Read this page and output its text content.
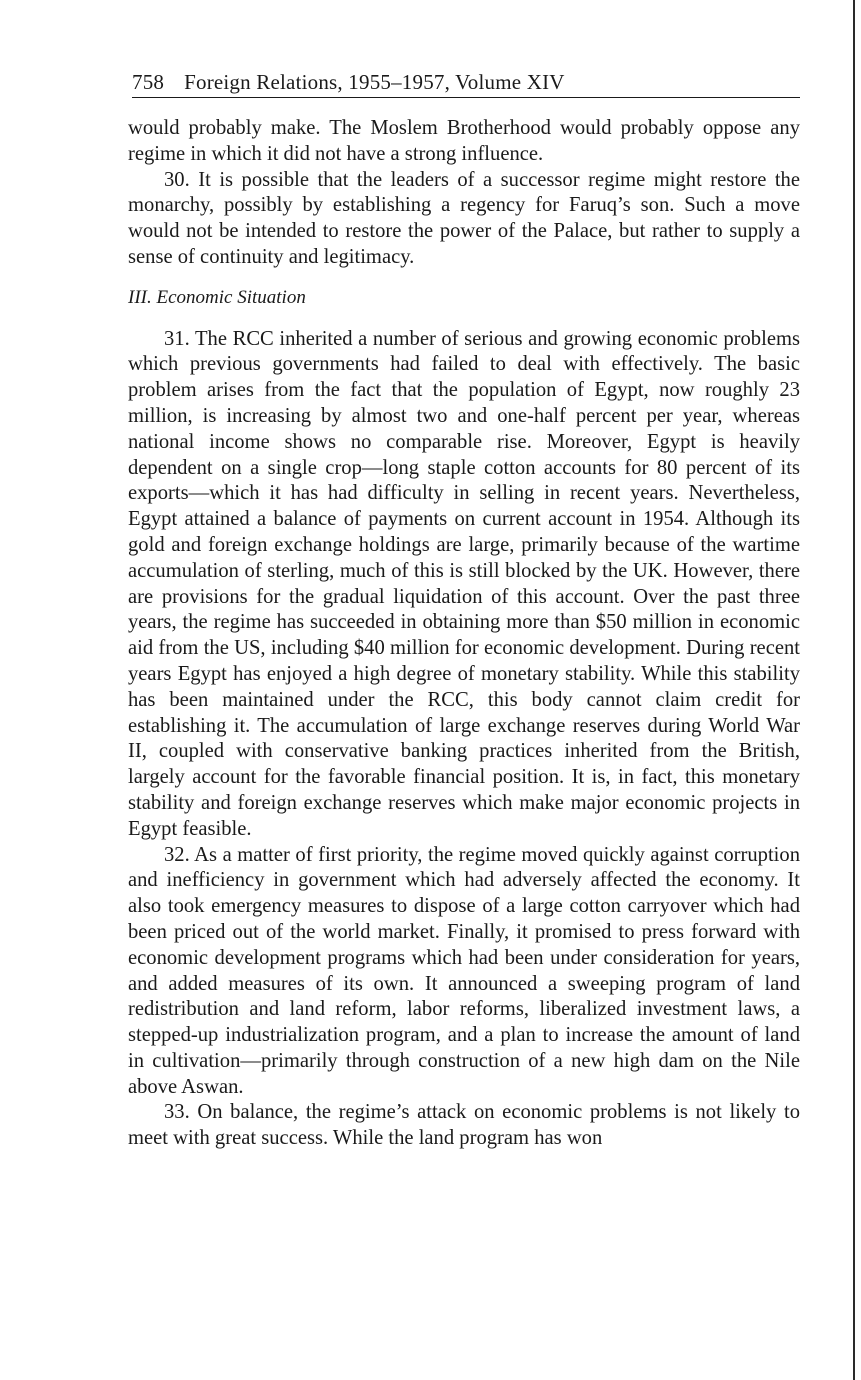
758 Foreign Relations, 1955–1957, Volume XIV

would probably make. The Moslem Brotherhood would probably oppose any regime in which it did not have a strong influence.

30. It is possible that the leaders of a successor regime might restore the monarchy, possibly by establishing a regency for Faruq’s son. Such a move would not be intended to restore the power of the Palace, but rather to supply a sense of continuity and legitimacy.

III. Economic Situation

31. The RCC inherited a number of serious and growing economic problems which previous governments had failed to deal with effectively. The basic problem arises from the fact that the population of Egypt, now roughly 23 million, is increasing by almost two and one-half percent per year, whereas national income shows no comparable rise. Moreover, Egypt is heavily dependent on a single crop—long staple cotton accounts for 80 percent of its exports—which it has had difficulty in selling in recent years. Nevertheless, Egypt attained a balance of payments on current account in 1954. Although its gold and foreign exchange holdings are large, primarily because of the wartime accumulation of sterling, much of this is still blocked by the UK. However, there are provisions for the gradual liquidation of this account. Over the past three years, the regime has succeeded in obtaining more than $50 million in economic aid from the US, including $40 million for economic development. During recent years Egypt has enjoyed a high degree of monetary stability. While this stability has been maintained under the RCC, this body cannot claim credit for establishing it. The accumulation of large exchange reserves during World War II, coupled with conservative banking practices inherited from the British, largely account for the favorable financial position. It is, in fact, this monetary stability and foreign exchange reserves which make major economic projects in Egypt feasible.

32. As a matter of first priority, the regime moved quickly against corruption and inefficiency in government which had adversely affected the economy. It also took emergency measures to dispose of a large cotton carryover which had been priced out of the world market. Finally, it promised to press forward with economic development programs which had been under consideration for years, and added measures of its own. It announced a sweeping program of land redistribution and land reform, labor reforms, liberalized investment laws, a stepped-up industrialization program, and a plan to increase the amount of land in cultivation—primarily through construction of a new high dam on the Nile above Aswan.

33. On balance, the regime’s attack on economic problems is not likely to meet with great success. While the land program has won
